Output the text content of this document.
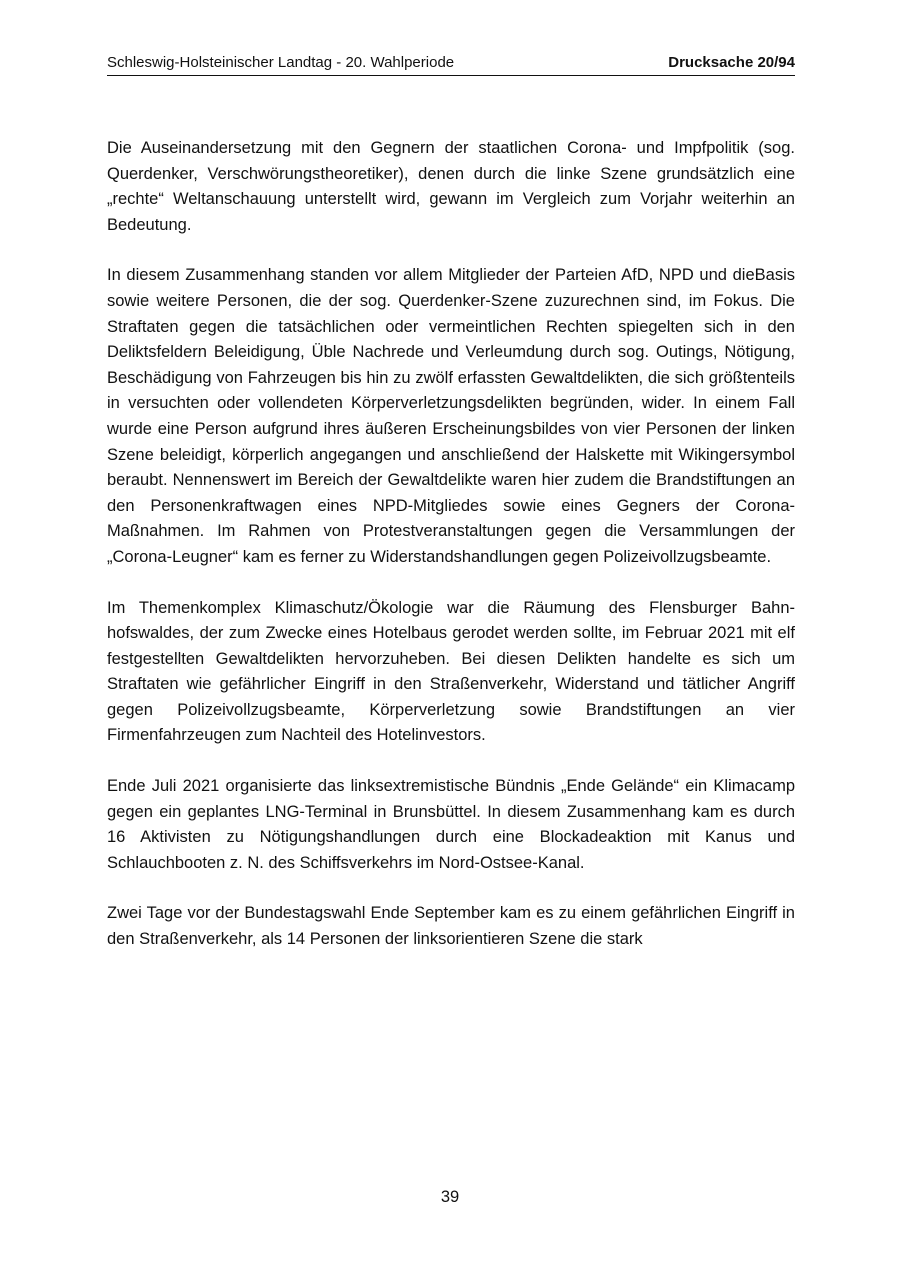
Schleswig-Holsteinischer Landtag - 20. Wahlperiode	Drucksache 20/94

Die Auseinandersetzung mit den Gegnern der staatlichen Corona- und Impfpolitik (sog. Querdenker, Verschwörungstheoretiker), denen durch die linke Szene grundsätzlich eine „rechte“ Weltanschauung unterstellt wird, gewann im Vergleich zum Vorjahr weiterhin an Bedeutung.

In diesem Zusammenhang standen vor allem Mitglieder der Parteien AfD, NPD und dieBasis sowie weitere Personen, die der sog. Querdenker-Szene zuzurechnen sind, im Fokus. Die Straftaten gegen die tatsächlichen oder vermeintlichen Rechten spiegelten sich in den Deliktsfeldern Beleidigung, Üble Nachrede und Verleumdung durch sog. Outings, Nötigung, Beschädigung von Fahrzeugen bis hin zu zwölf erfassten Gewaltdelikten, die sich größtenteils in versuchten oder vollendeten Körperverletzungsdelikten begründen, wider. In einem Fall wurde eine Person aufgrund ihres äußeren Erscheinungsbildes von vier Personen der linken Szene beleidigt, körperlich angegangen und anschließend der Halskette mit Wikingersymbol beraubt. Nennenswert im Bereich der Gewaltdelikte waren hier zudem die Brandstiftungen an den Personenkraftwagen eines NPD-Mitgliedes sowie eines Gegners der Corona-Maßnahmen. Im Rahmen von Protestveranstaltungen gegen die Versammlungen der „Corona-Leugner“ kam es ferner zu Widerstandshandlungen gegen Polizeivollzugsbeamte.

Im Themenkomplex Klimaschutz/Ökologie war die Räumung des Flensburger Bahnhofswaldes, der zum Zwecke eines Hotelbaus gerodet werden sollte, im Februar 2021 mit elf festgestellten Gewaltdelikten hervorzuheben. Bei diesen Delikten handelte es sich um Straftaten wie gefährlicher Eingriff in den Straßenverkehr, Widerstand und tätlicher Angriff gegen Polizeivollzugsbeamte, Körperverletzung sowie Brandstiftungen an vier Firmenfahrzeugen zum Nachteil des Hotelinvestors.

Ende Juli 2021 organisierte das linksextremistische Bündnis „Ende Gelände“ ein Klimacamp gegen ein geplantes LNG-Terminal in Brunsbüttel. In diesem Zusammenhang kam es durch 16 Aktivisten zu Nötigungshandlungen durch eine Blockadeaktion mit Kanus und Schlauchbooten z. N. des Schiffsverkehrs im Nord-Ostsee-Kanal.

Zwei Tage vor der Bundestagswahl Ende September kam es zu einem gefährlichen Eingriff in den Straßenverkehr, als 14 Personen der linksorientieren Szene die stark

39
